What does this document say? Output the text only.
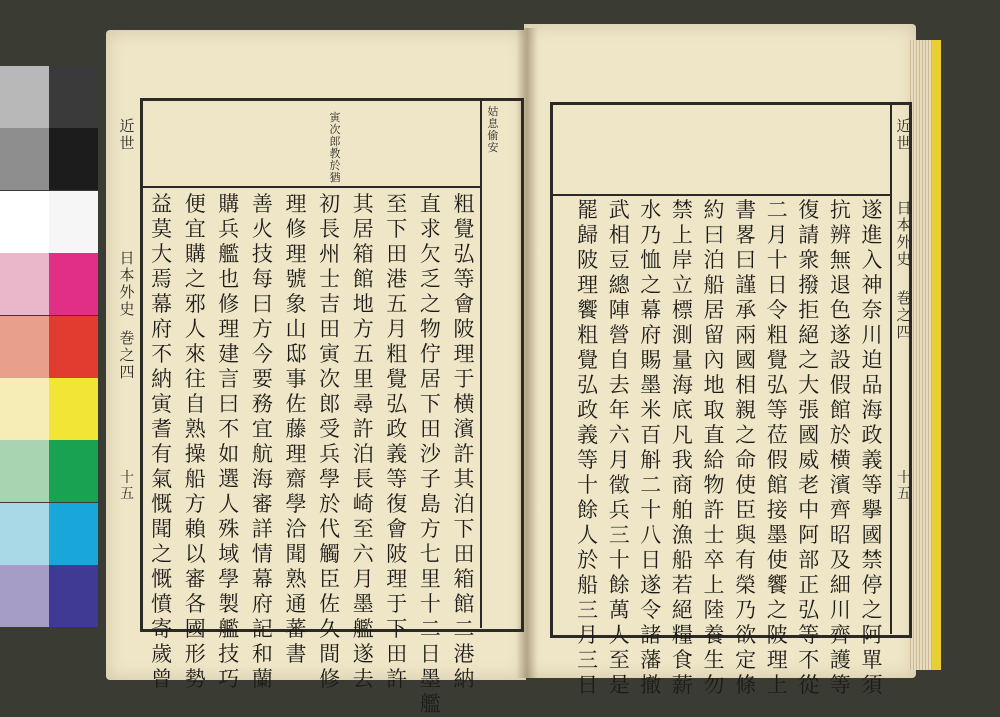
姑息偷安
寅次郎教於猶
近世
日本外史
巻之四
十五
粗覺弘等會陂理于横濱許其泊下田箱館二港納
直求欠乏之物佇居下田沙子島方七里十二日墨艦
至下田港五月粗覺弘政義等復會陂理于下田許
其居箱館地方五里尋許泊長崎至六月墨艦遂去
初長州士吉田寅次郎受兵學於代觸臣佐久間修
理修理號象山邸事佐藤理齋學洽聞熟通蕃書
善火技每曰方今要務宜航海審詳情幕府記和蘭
購兵艦也修理建言曰不如選人殊域學製艦技巧
便宜購之邪人來往自熟操船方賴以審各國形勢
益莫大焉幕府不納寅耆有氣慨聞之慨憤寄歲曾
近世
日本外史
巻之四
十五
遂進入神奈川迫品海政義等擧國禁停之阿單須
抗辨無退色遂設假館於横濱齊昭及細川齊護等
復請衆撥拒絕之大張國威老中阿部正弘等不從
二月十日令粗覺弘等莅假館接墨使饗之陂理上
書畧曰謹承兩國相親之命使臣與有榮乃欲定條
約曰泊船居留內地取直給物許士卒上陸養生勿
禁上岸立標測量海底凡我商舶漁船若絕糧食薪
水乃恤之幕府賜墨米百斛二十八日遂令諸藩撤
武相豆總陣營自去年六月徵兵三十餘萬人至是
罷歸陂理饗粗覺弘政義等十餘人於船三月三日
